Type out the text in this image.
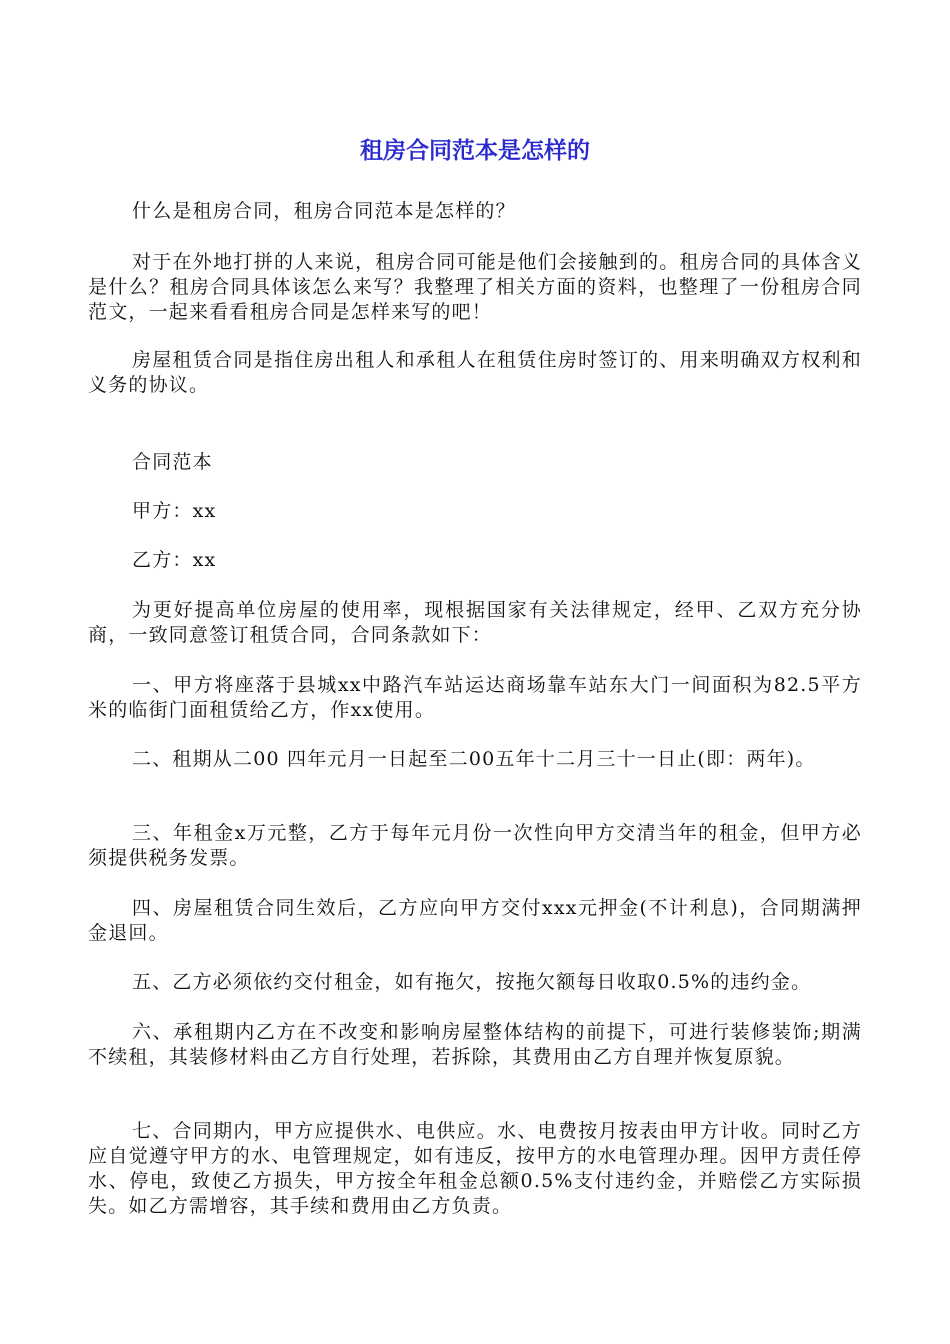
租房合同范本是怎样的

什么是租房合同，租房合同范本是怎样的？

对于在外地打拼的人来说，租房合同可能是他们会接触到的。租房合同的具体含义是什么？租房合同具体该怎么来写？我整理了相关方面的资料，也整理了一份租房合同范文，一起来看看租房合同是怎样来写的吧！

房屋租赁合同是指住房出租人和承租人在租赁住房时签订的、用来明确双方权利和义务的协议。

合同范本

甲方：xx

乙方：xx

为更好提高单位房屋的使用率，现根据国家有关法律规定，经甲、乙双方充分协商，一致同意签订租赁合同，合同条款如下：

一、甲方将座落于县城xx中路汽车站运达商场靠车站东大门一间面积为82.5平方米的临街门面租赁给乙方，作xx使用。

二、租期从二00 四年元月一日起至二00五年十二月三十一日止(即：两年)。

三、年租金x万元整，乙方于每年元月份一次性向甲方交清当年的租金，但甲方必须提供税务发票。

四、房屋租赁合同生效后，乙方应向甲方交付xxx元押金(不计利息)，合同期满押金退回。

五、乙方必须依约交付租金，如有拖欠，按拖欠额每日收取0.5%的违约金。

六、承租期内乙方在不改变和影响房屋整体结构的前提下，可进行装修装饰;期满不续租，其装修材料由乙方自行处理，若拆除，其费用由乙方自理并恢复原貌。

七、合同期内，甲方应提供水、电供应。水、电费按月按表由甲方计收。同时乙方应自觉遵守甲方的水、电管理规定，如有违反，按甲方的水电管理办理。因甲方责任停水、停电，致使乙方损失，甲方按全年租金总额0.5%支付违约金，并赔偿乙方实际损失。如乙方需增容，其手续和费用由乙方负责。
